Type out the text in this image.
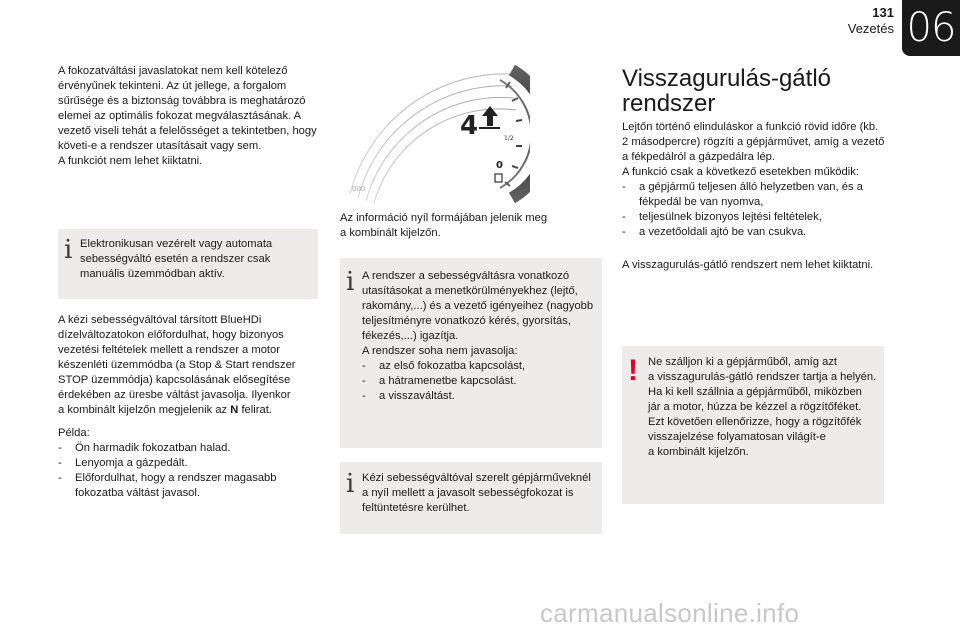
131
Vezetés 06

A fokozatváltási javaslatokat nem kell kötelező

érvényűnek tekinteni. Az út jellege, a forgalom

sűrűsége és a biztonság továbbra is meghatározó

elemei az optimális fokozat megválasztásának. A

vezető viseli tehát a felelősséget a tekintetben, hogy

követi-e a rendszer utasításait vagy sem.

A funkciót nem lehet kiiktatni.

i Elektronikusan vezérelt vagy automata

sebességváltó esetén a rendszer csak

manuális üzemmódban aktív.

A kézi sebességváltóval társított BlueHDi

dízelváltozatokon előfordulhat, hogy bizonyos

vezetési feltételek mellett a rendszer a motor

készenléti üzemmódba (a Stop & Start rendszer

STOP üzemmódja) kapcsolásának elősegítése

érdekében az üresbe váltást javasolja. Ilyenkor

a kombinált kijelzőn megjelenik az N felirat.

Példa:

- Ön harmadik fokozatban halad.
- Lenyomja a gázpedált.
- Előfordulhat, hogy a rendszer magasabb fokozatba váltást javasol.
4	1/2
0
000

Az információ nyíl formájában jelenik meg

a kombinált kijelzőn.

i A rendszer a sebességváltásra vonatkozó

utasításokat a menetkörülményekhez (lejtő,

rakomány,...) és a vezető igényeihez (nagyobb

teljesítményre vonatkozó kérés, gyorsítás,

fékezés,...) igazítja.

A rendszer soha nem javasolja:

- az első fokozatba kapcsolást,
- a hátramenetbe kapcsolást.
- a visszaváltást.
i Kézi sebességváltóval szerelt gépjárműveknél

a nyíl mellett a javasolt sebességfokozat is

feltüntetésre kerülhet.

Visszagurulás-gátló rendszer

Lejtőn történő elinduláskor a funkció rövid időre (kb.

2 másodpercre) rögzíti a gépjárművet, amíg a vezető

a fékpedálról a gázpedálra lép.

A funkció csak a következő esetekben működik:

- a gépjármű teljesen álló helyzetben van, és a fékpedál be van nyomva,
- teljesülnek bizonyos lejtési feltételek,
- a vezetőoldali ajtó be van csukva.

A visszagurulás-gátló rendszert nem lehet kiiktatni.

! Ne szálljon ki a gépjárműből, amíg azt

a visszagurulás-gátló rendszer tartja a helyén.

Ha ki kell szállnia a gépjárműből, miközben

jár a motor, húzza be kézzel a rögzítőféket.

Ezt követően ellenőrizze, hogy a rögzítőfék

visszajelzése folyamatosan világít-e

a kombinált kijelzőn.

carmanualsonline.info
